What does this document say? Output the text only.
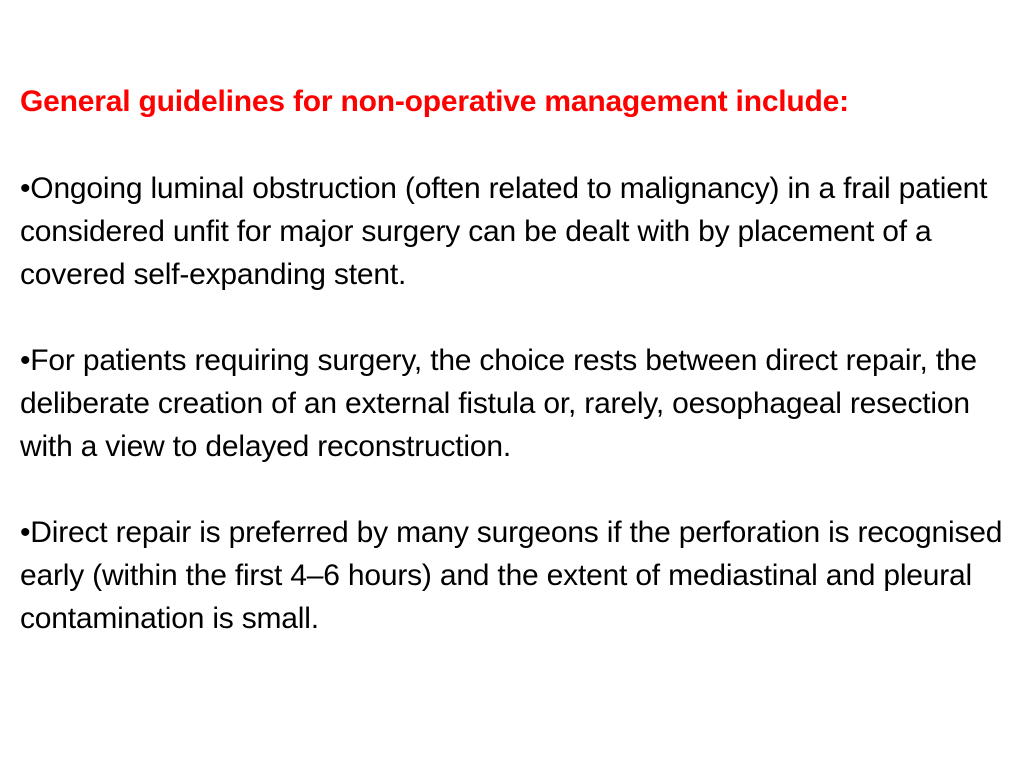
General guidelines for non-operative management include:

•Ongoing luminal obstruction (often related to malignancy) in a frail patient considered unfit for major surgery can be dealt with by placement of a covered self-expanding stent.

•For patients requiring surgery, the choice rests between direct repair, the deliberate creation of an external fistula or, rarely, oesophageal resection with a view to delayed reconstruction.

•Direct repair is preferred by many surgeons if the perforation is recognised early (within the first 4–6 hours) and the extent of mediastinal and pleural contamination is small.
